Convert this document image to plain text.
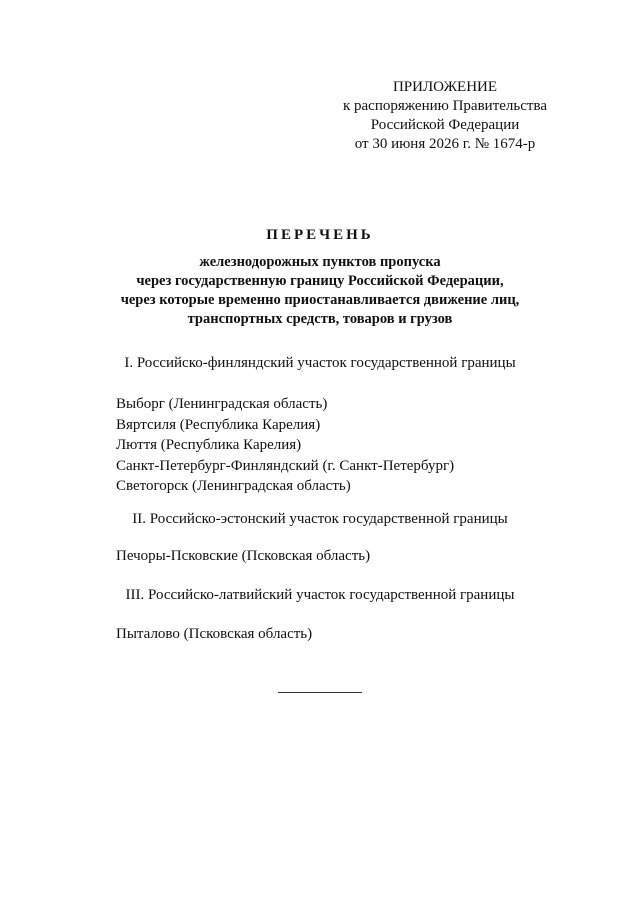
ПРИЛОЖЕНИЕ
к распоряжению Правительства
Российской Федерации
от 30 июня 2026 г. № 1674-р
ПЕРЕЧЕНЬ
железнодорожных пунктов пропуска
через государственную границу Российской Федерации,
через которые временно приостанавливается движение лиц,
транспортных средств, товаров и грузов
I. Российско-финляндский участок государственной границы
Выборг (Ленинградская область)
Вяртсиля (Республика Карелия)
Люття (Республика Карелия)
Санкт-Петербург-Финляндский (г. Санкт-Петербург)
Светогорск (Ленинградская область)
II. Российско-эстонский участок государственной границы
Печоры-Псковские (Псковская область)
III. Российско-латвийский участок государственной границы
Пыталово (Псковская область)
